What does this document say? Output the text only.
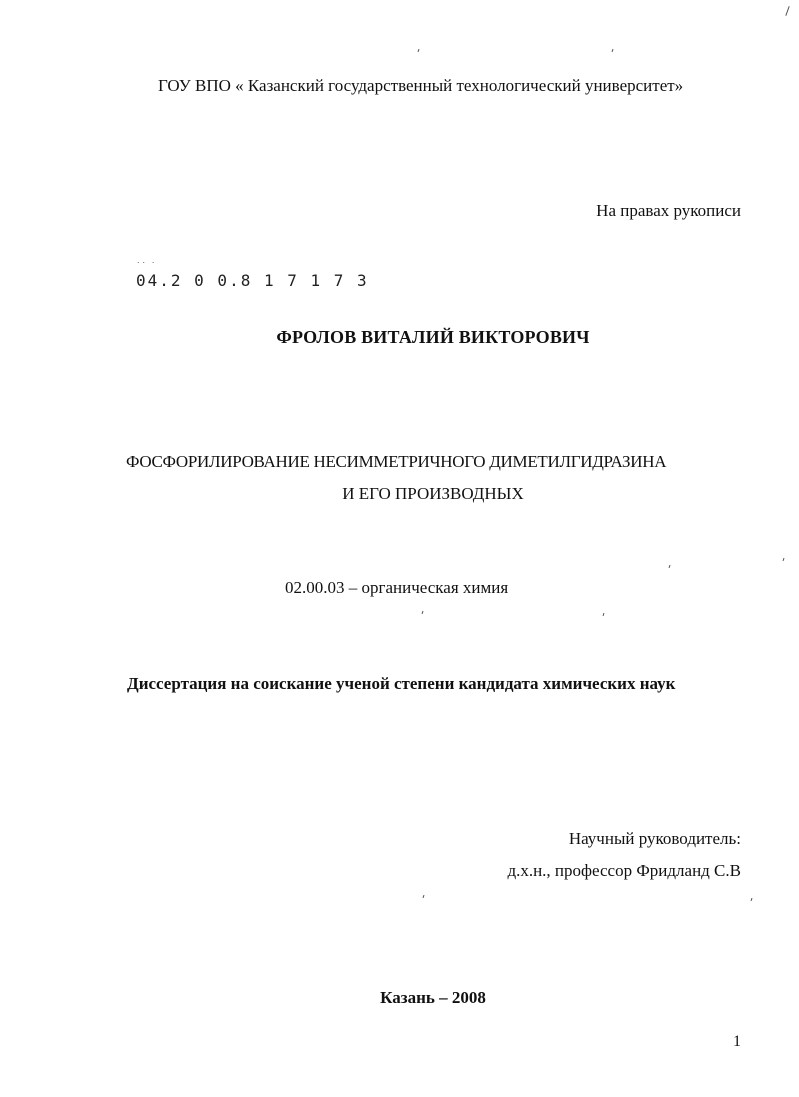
ГОУ ВПО « Казанский государственный технологический университет»
На правах рукописи
˙˙ ˙
04.2 0 0.8 1 7 1 7 3
ФРОЛОВ ВИТАЛИЙ ВИКТОРОВИЧ
ФОСФОРИЛИРОВАНИЕ НЕСИММЕТРИЧНОГО ДИМЕТИЛГИДРАЗИНА
И ЕГО ПРОИЗВОДНЫХ
02.00.03 – органическая химия
Диссертация на соискание ученой степени кандидата химических наук
Научный руководитель:
д.х.н., профессор Фридланд С.В
Казань – 2008
1
